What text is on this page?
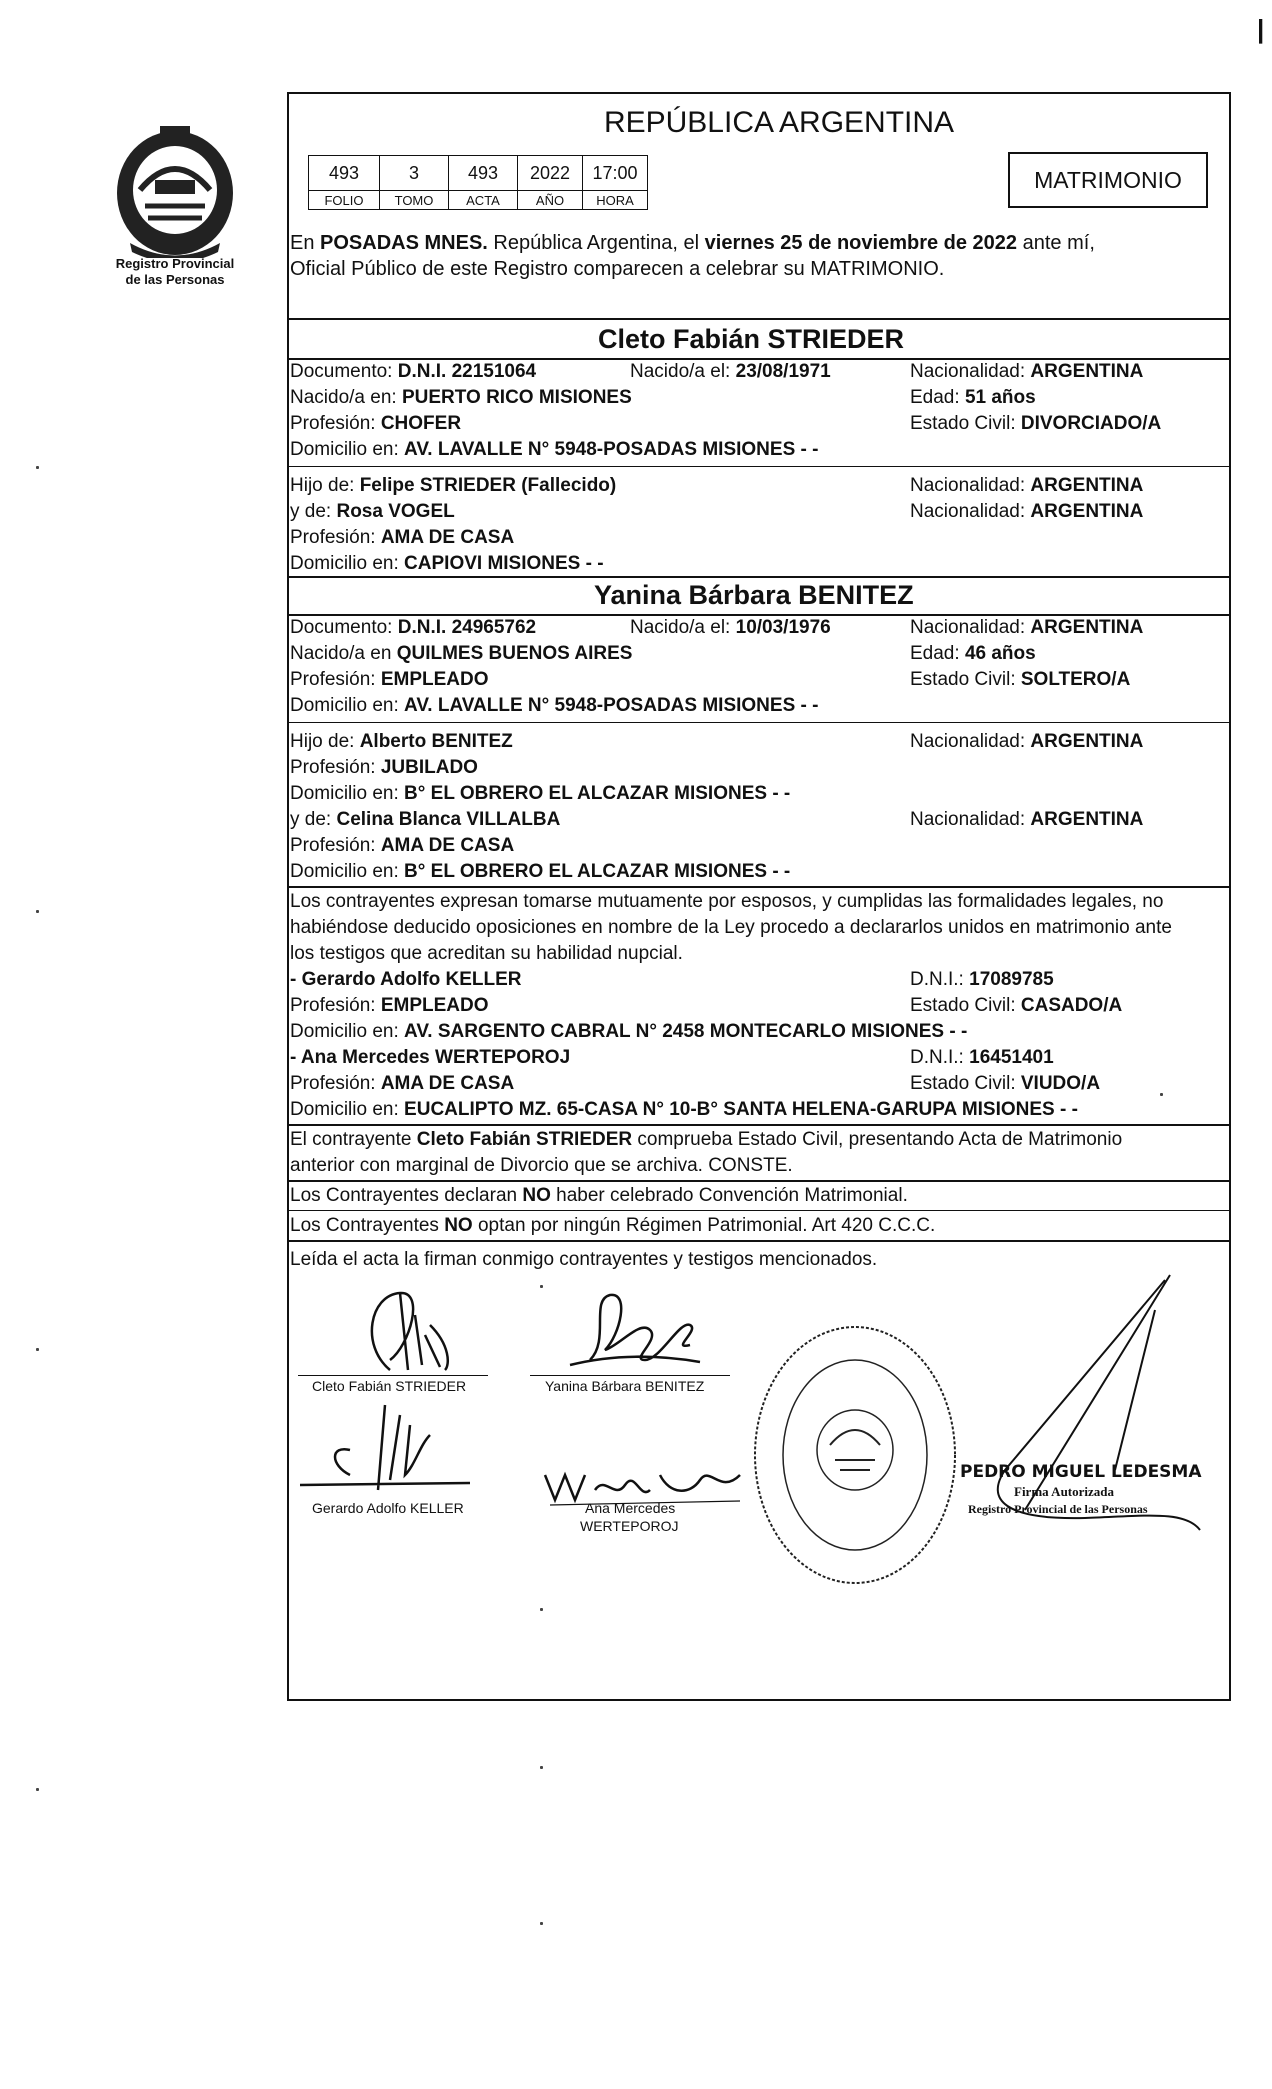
|
Registro Provincial
de las Personas
REPÚBLICA ARGENTINA
493	3	493	2022	17:00
FOLIO	TOMO	ACTA	AÑO	HORA
MATRIMONIO
En POSADAS MNES. República Argentina, el viernes 25 de noviembre de 2022 ante mí,
Oficial Público de este Registro comparecen a celebrar su MATRIMONIO.
Cleto Fabián STRIEDER
Documento: D.N.I. 22151064	Nacido/a el: 23/08/1971	Nacionalidad: ARGENTINA
Nacido/a en: PUERTO RICO MISIONES	Edad: 51 años
Profesión: CHOFER	Estado Civil: DIVORCIADO/A
Domicilio en: AV. LAVALLE N° 5948-POSADAS MISIONES - -
Hijo de: Felipe STRIEDER (Fallecido)	Nacionalidad: ARGENTINA
y de: Rosa VOGEL	Nacionalidad: ARGENTINA
Profesión: AMA DE CASA
Domicilio en: CAPIOVI MISIONES - -
Yanina Bárbara BENITEZ
Documento: D.N.I. 24965762	Nacido/a el: 10/03/1976	Nacionalidad: ARGENTINA
Nacido/a en QUILMES BUENOS AIRES	Edad: 46 años
Profesión: EMPLEADO	Estado Civil: SOLTERO/A
Domicilio en: AV. LAVALLE N° 5948-POSADAS MISIONES - -
Hijo de: Alberto BENITEZ	Nacionalidad: ARGENTINA
Profesión: JUBILADO
Domicilio en: B° EL OBRERO EL ALCAZAR MISIONES - -
y de: Celina Blanca VILLALBA	Nacionalidad: ARGENTINA
Profesión: AMA DE CASA
Domicilio en: B° EL OBRERO EL ALCAZAR MISIONES - -
Los contrayentes expresan tomarse mutuamente por esposos, y cumplidas las formalidades legales, no
habiéndose deducido oposiciones en nombre de la Ley procedo a declararlos unidos en matrimonio ante
los testigos que acreditan su habilidad nupcial.
- Gerardo Adolfo KELLER	D.N.I.: 17089785
Profesión: EMPLEADO	Estado Civil: CASADO/A
Domicilio en: AV. SARGENTO CABRAL N° 2458 MONTECARLO MISIONES - -
- Ana Mercedes WERTEPOROJ	D.N.I.: 16451401
Profesión: AMA DE CASA	Estado Civil: VIUDO/A
Domicilio en: EUCALIPTO MZ. 65-CASA N° 10-B° SANTA HELENA-GARUPA MISIONES - -
El contrayente Cleto Fabián STRIEDER comprueba Estado Civil, presentando Acta de Matrimonio
anterior con marginal de Divorcio que se archiva. CONSTE.
Los Contrayentes declaran NO haber celebrado Convención Matrimonial.
Los Contrayentes NO optan por ningún Régimen Patrimonial. Art 420 C.C.C.
Leída el acta la firman conmigo contrayentes y testigos mencionados.
Cleto Fabián STRIEDER	Yanina Bárbara BENITEZ
Gerardo Adolfo KELLER	Ana Mercedes
WERTEPOROJ
PEDRO MIGUEL LEDESMA
Firma Autorizada
Registro Provincial de las Personas
